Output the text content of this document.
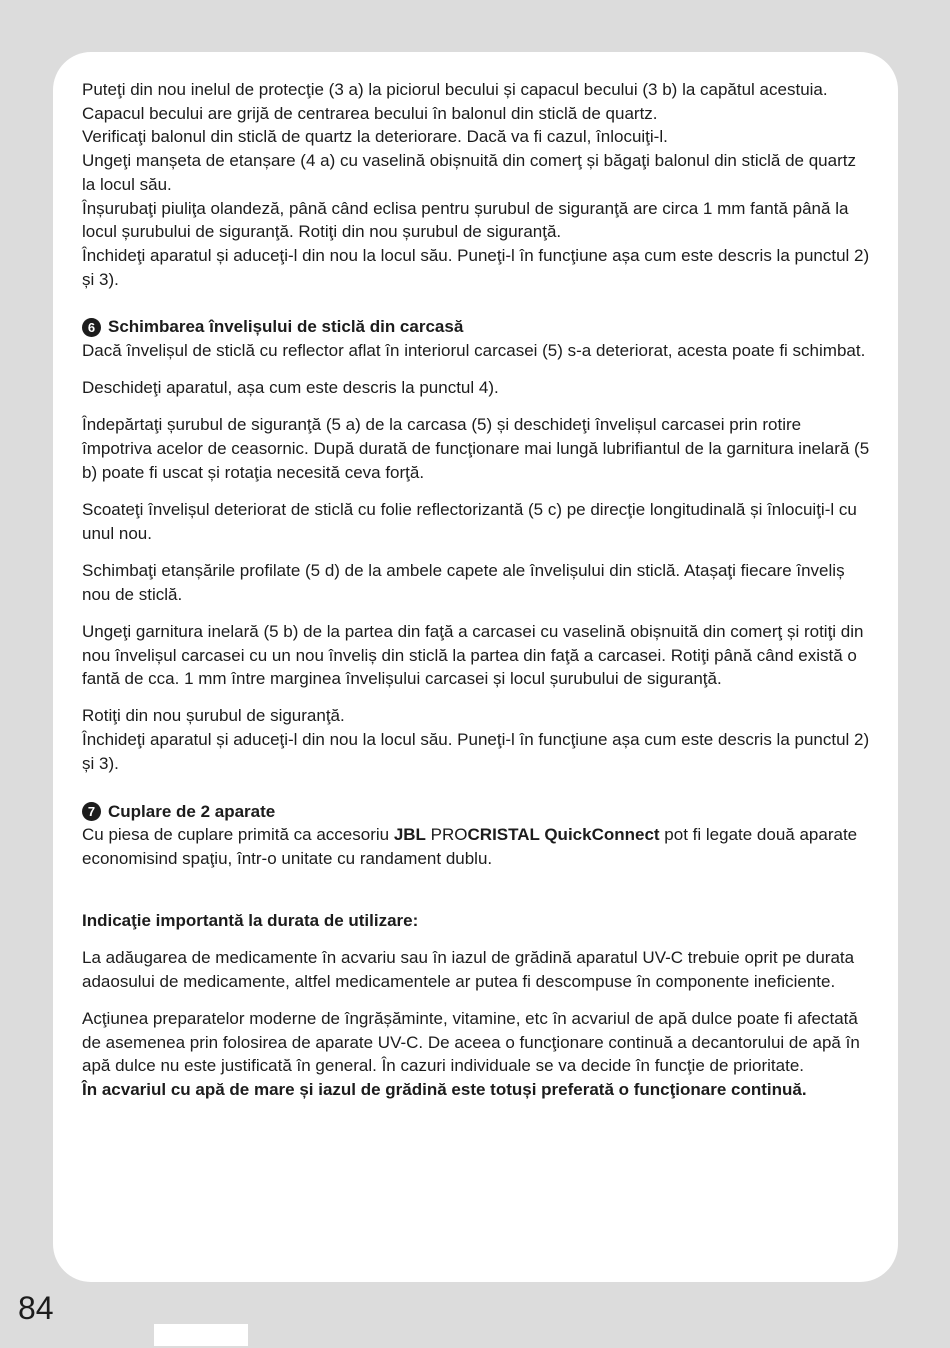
Puteţi din nou inelul de protecţie (3 a) la piciorul becului și capacul becului (3 b) la capătul acestuia. Capacul becului are grijă de centrarea becului în balonul din sticlă de quartz.

Verificaţi balonul din sticlă de quartz la deteriorare. Dacă va fi cazul, înlocuiţi-l.

Ungeţi manșeta de etanșare (4 a) cu vaselină obișnuită din comerţ și băgaţi balonul din sticlă de quartz la locul său.

Înșurubaţi piuliţa olandeză, până când eclisa pentru șurubul de siguranţă are circa 1 mm fantă până la locul șurubului de siguranţă. Rotiţi din nou șurubul de siguranţă.

Închideţi aparatul și aduceţi-l din nou la locul său. Puneţi-l în funcţiune așa cum este descris la punctul 2) și 3).

6 Schimbarea învelișului de sticlă din carcasă

Dacă învelișul de sticlă cu reflector aflat în interiorul carcasei (5) s-a deteriorat, acesta poate fi schimbat.

Deschideţi aparatul, așa cum este descris la punctul 4).

Îndepărtaţi șurubul de siguranţă (5 a) de la carcasa (5) și deschideţi învelișul carcasei prin rotire împotriva acelor de ceasornic. După durată de funcţionare mai lungă lubrifiantul de la garnitura inelară (5 b) poate fi uscat și rotaţia necesită ceva forţă.

Scoateţi învelișul deteriorat de sticlă cu folie reflectorizantă (5 c) pe direcţie longitudinală și înlocuiţi-l cu unul nou.

Schimbaţi etanșările profilate (5 d) de la ambele capete ale învelișului din sticlă. Atașaţi fiecare înveliș nou de sticlă.

Ungeţi garnitura inelară (5 b) de la partea din faţă a carcasei cu vaselină obișnuită din comerţ și rotiţi din nou învelișul carcasei cu un nou înveliș din sticlă la partea din faţă a carcasei. Rotiţi până când există o fantă de cca. 1 mm între marginea învelișului carcasei și locul șurubului de siguranţă.

Rotiţi din nou șurubul de siguranţă.

Închideţi aparatul și aduceţi-l din nou la locul său. Puneţi-l în funcţiune așa cum este descris la punctul 2) și 3).

7 Cuplare de 2 aparate

Cu piesa de cuplare primită ca accesoriu JBL PROCRISTAL QuickConnect pot fi legate două aparate economisind spaţiu, într-o unitate cu randament dublu.

Indicaţie importantă la durata de utilizare:

La adăugarea de medicamente în acvariu sau în iazul de grădină aparatul UV-C trebuie oprit pe durata adaosului de medicamente, altfel medicamentele ar putea fi descompuse în componente ineficiente.

Acţiunea preparatelor moderne de îngrășăminte, vitamine, etc în acvariul de apă dulce poate fi afectată de asemenea prin folosirea de aparate UV-C. De aceea o funcţionare continuă a decantorului de apă în apă dulce nu este justificată în general. În cazuri individuale se va decide în funcţie de prioritate.

În acvariul cu apă de mare și iazul de grădină este totuși preferată o funcţionare continuă.

84
